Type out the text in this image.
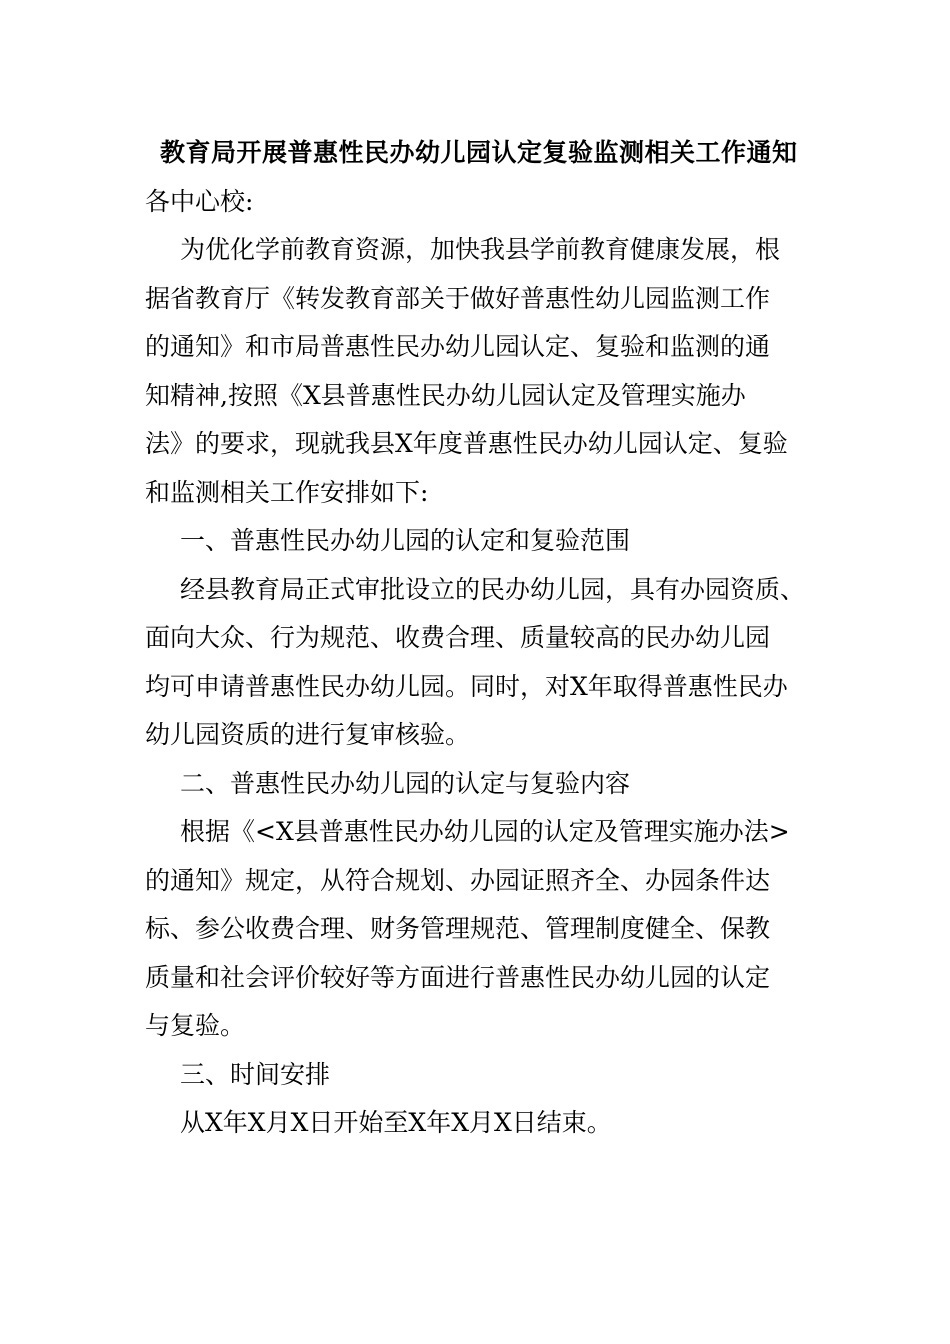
教育局开展普惠性民办幼儿园认定复验监测相关工作通知

各中心校:

为优化学前教育资源，加快我县学前教育健康发展，根
据省教育厅《转发教育部关于做好普惠性幼儿园监测工作
的通知》和市局普惠性民办幼儿园认定、复验和监测的通
知精神,按照《X县普惠性民办幼儿园认定及管理实施办
法》的要求，现就我县X年度普惠性民办幼儿园认定、复验
和监测相关工作安排如下:

一、普惠性民办幼儿园的认定和复验范围

经县教育局正式审批设立的民办幼儿园，具有办园资质、
面向大众、行为规范、收费合理、质量较高的民办幼儿园
均可申请普惠性民办幼儿园。同时，对X年取得普惠性民办
幼儿园资质的进行复审核验。

二、普惠性民办幼儿园的认定与复验内容

根据《<X县普惠性民办幼儿园的认定及管理实施办法>
的通知》规定，从符合规划、办园证照齐全、办园条件达
标、参公收费合理、财务管理规范、管理制度健全、保教
质量和社会评价较好等方面进行普惠性民办幼儿园的认定
与复验。

三、时间安排

从X年X月X日开始至X年X月X日结束。
